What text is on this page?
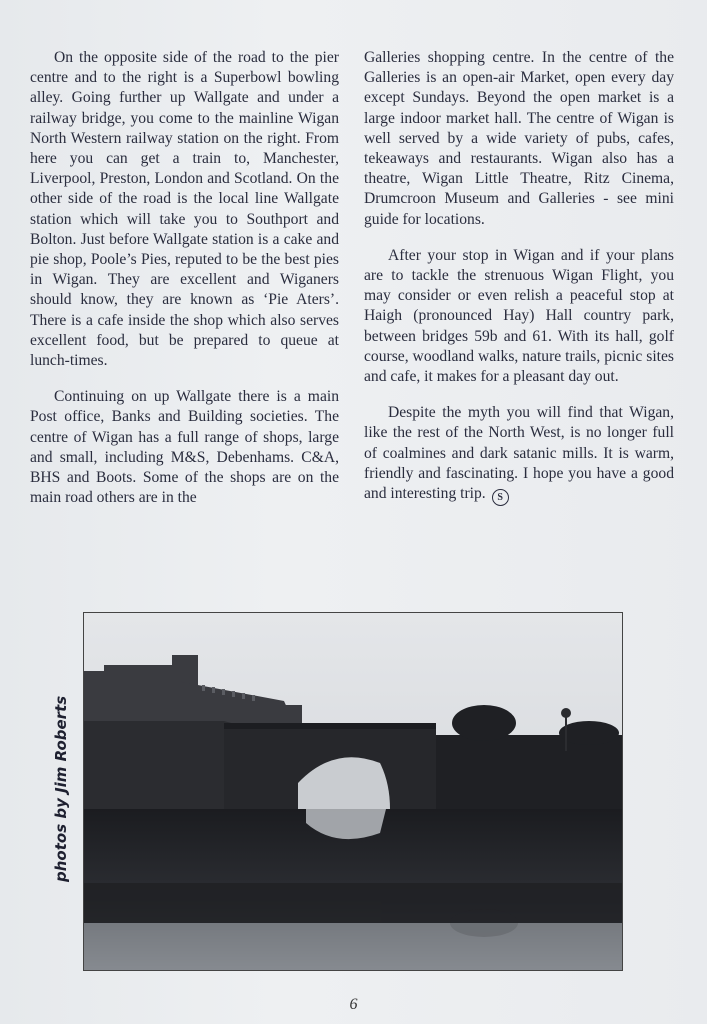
On the opposite side of the road to the pier centre and to the right is a Superbowl bowling alley. Going further up Wallgate and under a railway bridge, you come to the mainline Wigan North Western railway station on the right. From here you can get a train to, Manchester, Liverpool, Preston, London and Scotland. On the other side of the road is the local line Wallgate station which will take you to Southport and Bolton. Just before Wallgate station is a cake and pie shop, Poole’s Pies, reputed to be the best pies in Wigan. They are excellent and Wiganers should know, they are known as ‘Pie Aters’. There is a cafe inside the shop which also serves excellent food, but be prepared to queue at lunch-times.

Continuing on up Wallgate there is a main Post office, Banks and Building societies. The centre of Wigan has a full range of shops, large and small, including M&S, Debenhams. C&A, BHS and Boots. Some of the shops are on the main road others are in the

Galleries shopping centre. In the centre of the Galleries is an open-air Market, open every day except Sundays. Beyond the open market is a large indoor market hall. The centre of Wigan is well served by a wide variety of pubs, cafes, tekeaways and restaurants. Wigan also has a theatre, Wigan Little Theatre, Ritz Cinema, Drumcroon Museum and Galleries - see mini guide for locations.

After your stop in Wigan and if your plans are to tackle the strenuous Wigan Flight, you may consider or even relish a peaceful stop at Haigh (pronounced Hay) Hall country park, between bridges 59b and 61. With its hall, golf course, woodland walks, nature trails, picnic sites and cafe, it makes for a pleasant day out.

Despite the myth you will find that Wigan, like the rest of the North West, is no longer full of coalmines and dark satanic mills. It is warm, friendly and fascinating. I hope you have a good and interesting trip. S

photos by Jim Roberts
6
